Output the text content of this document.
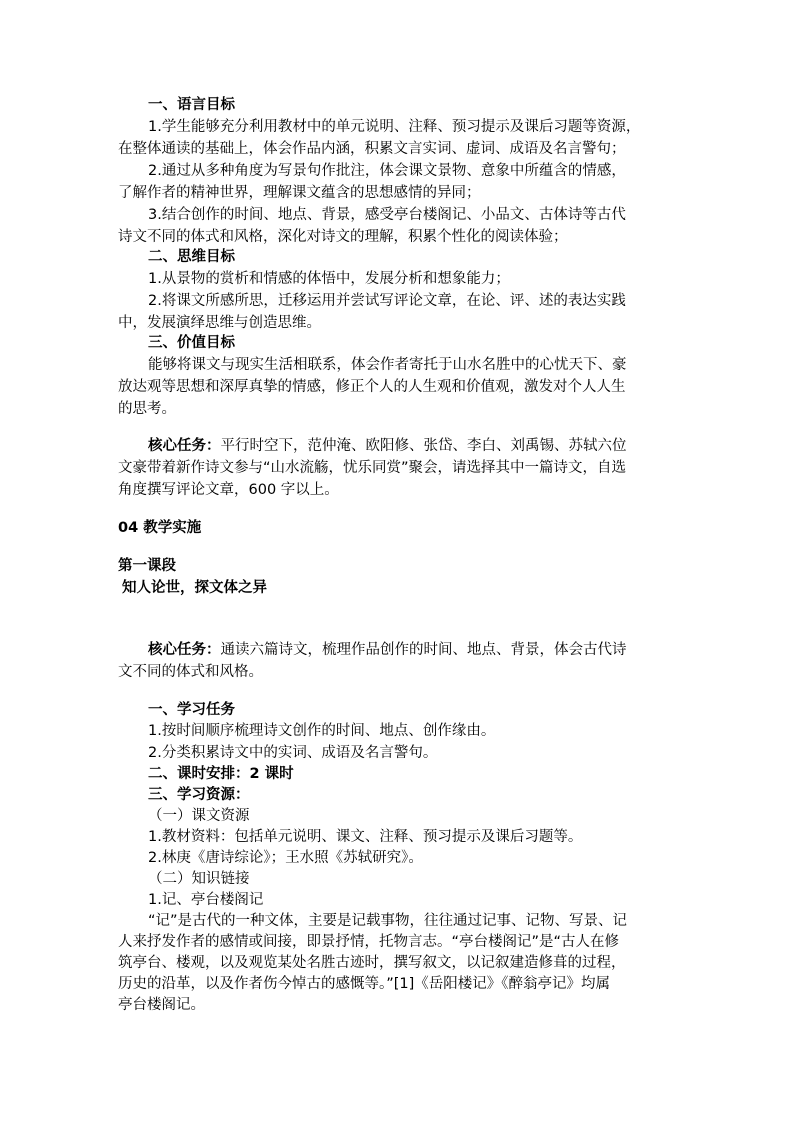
一、语言目标
1.学生能够充分利用教材中的单元说明、注释、预习提示及课后习题等资源，
在整体通读的基础上，体会作品内涵，积累文言实词、虚词、成语及名言警句；
2.通过从多种角度为写景句作批注，体会课文景物、意象中所蕴含的情感，
了解作者的精神世界，理解课文蕴含的思想感情的异同；
3.结合创作的时间、地点、背景，感受亭台楼阁记、小品文、古体诗等古代
诗文不同的体式和风格，深化对诗文的理解，积累个性化的阅读体验；
二、思维目标
1.从景物的赏析和情感的体悟中，发展分析和想象能力；
2.将课文所感所思，迁移运用并尝试写评论文章，在论、评、述的表达实践
中，发展演绎思维与创造思维。
三、价值目标
能够将课文与现实生活相联系，体会作者寄托于山水名胜中的心忧天下、豪
放达观等思想和深厚真挚的情感，修正个人的人生观和价值观，激发对个人人生
的思考。
核心任务：平行时空下，范仲淹、欧阳修、张岱、李白、刘禹锡、苏轼六位
文豪带着新作诗文参与“山水流觞，忧乐同赏”聚会，请选择其中一篇诗文，自选
角度撰写评论文章，600 字以上。
04 教学实施
第一课段
知人论世，探文体之异
核心任务：通读六篇诗文，梳理作品创作的时间、地点、背景，体会古代诗
文不同的体式和风格。
一、学习任务
1.按时间顺序梳理诗文创作的时间、地点、创作缘由。
2.分类积累诗文中的实词、成语及名言警句。
二、课时安排：2 课时
三、学习资源：
（一）课文资源
1.教材资料：包括单元说明、课文、注释、预习提示及课后习题等。
2.林庚《唐诗综论》；王水照《苏轼研究》。
（二）知识链接
1.记、亭台楼阁记
“记”是古代的一种文体，主要是记载事物，往往通过记事、记物、写景、记
人来抒发作者的感情或间接，即景抒情，托物言志。“亭台楼阁记”是“古人在修
筑亭台、楼观，以及观览某处名胜古迹时，撰写叙文，以记叙建造修葺的过程，
历史的沿革，以及作者伤今悼古的感慨等。”[1]《岳阳楼记》《醉翁亭记》均属
亭台楼阁记。
